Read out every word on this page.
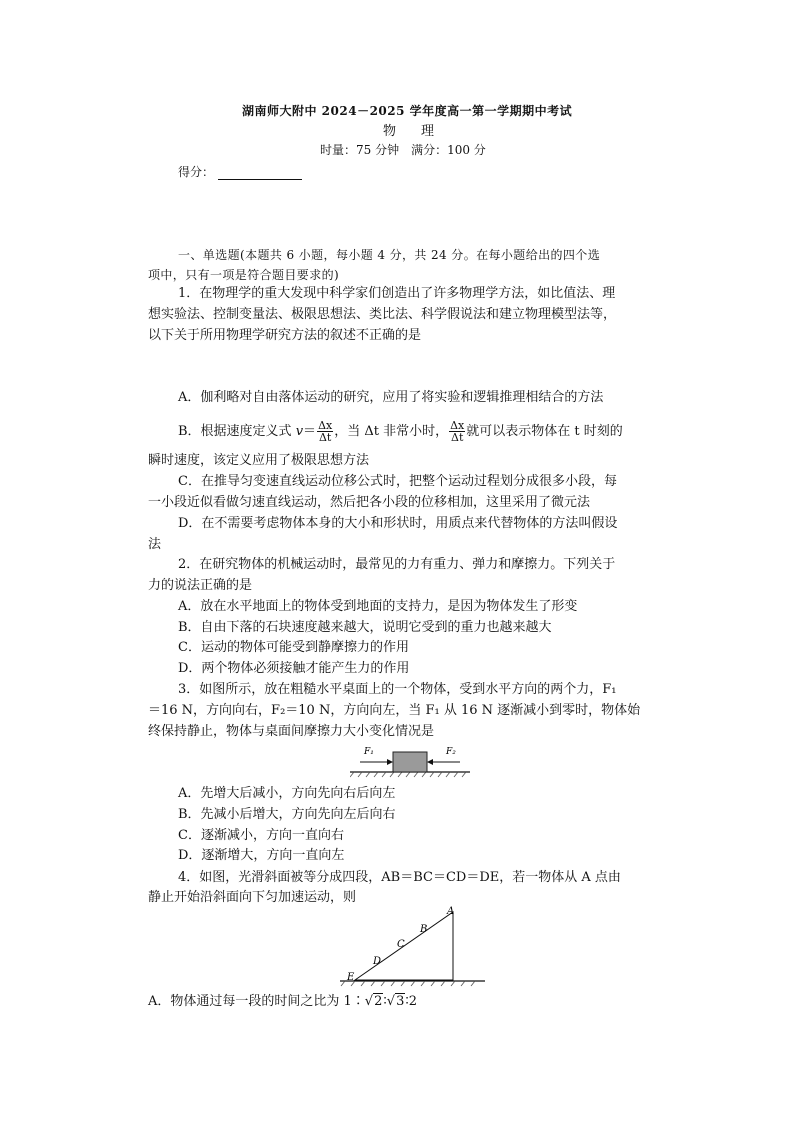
湖南师大附中 2024－2025 学年度高一第一学期期中考试
物　理
时量：75 分钟　满分：100 分
得分：
一、单选题(本题共 6 小题，每小题 4 分，共 24 分。在每小题给出的四个选
项中，只有一项是符合题目要求的)
1．在物理学的重大发现中科学家们创造出了许多物理学方法，如比值法、理
想实验法、控制变量法、极限思想法、类比法、科学假说法和建立物理模型法等，
以下关于所用物理学研究方法的叙述不正确的是
A．伽利略对自由落体运动的研究，应用了将实验和逻辑推理相结合的方法
B．根据速度定义式 $v= \frac{\Delta x}{\Delta t}$ ，当 Δt 非常小时， $\frac{\Delta x}{\Delta t}$ 就可以表示物体在 t 时刻的
瞬时速度，该定义应用了极限思想方法
C．在推导匀变速直线运动位移公式时，把整个运动过程划分成很多小段，每
一小段近似看做匀速直线运动，然后把各小段的位移相加，这里采用了微元法
D．在不需要考虑物体本身的大小和形状时，用质点来代替物体的方法叫假设
法
2．在研究物体的机械运动时，最常见的力有重力、弹力和摩擦力。下列关于
力的说法正确的是
A．放在水平地面上的物体受到地面的支持力，是因为物体发生了形变
B．自由下落的石块速度越来越大，说明它受到的重力也越来越大
C．运动的物体可能受到静摩擦力的作用
D．两个物体必须接触才能产生力的作用
3．如图所示，放在粗糙水平桌面上的一个物体，受到水平方向的两个力，F₁
＝16 N，方向向右，F₂＝10 N，方向向左，当 F₁ 从 16 N 逐渐减小到零时，物体始
终保持静止，物体与桌面间摩擦力大小变化情况是
F₁	F₂
A．先增大后减小，方向先向右后向左
B．先减小后增大，方向先向左后向右
C．逐渐减小，方向一直向右
D．逐渐增大，方向一直向左
4．如图，光滑斜面被等分成四段，AB＝BC＝CD＝DE，若一物体从 A 点由
静止开始沿斜面向下匀加速运动，则
A
B
C
D
E
A．物体通过每一段的时间之比为 1∶√2∶√3∶2
